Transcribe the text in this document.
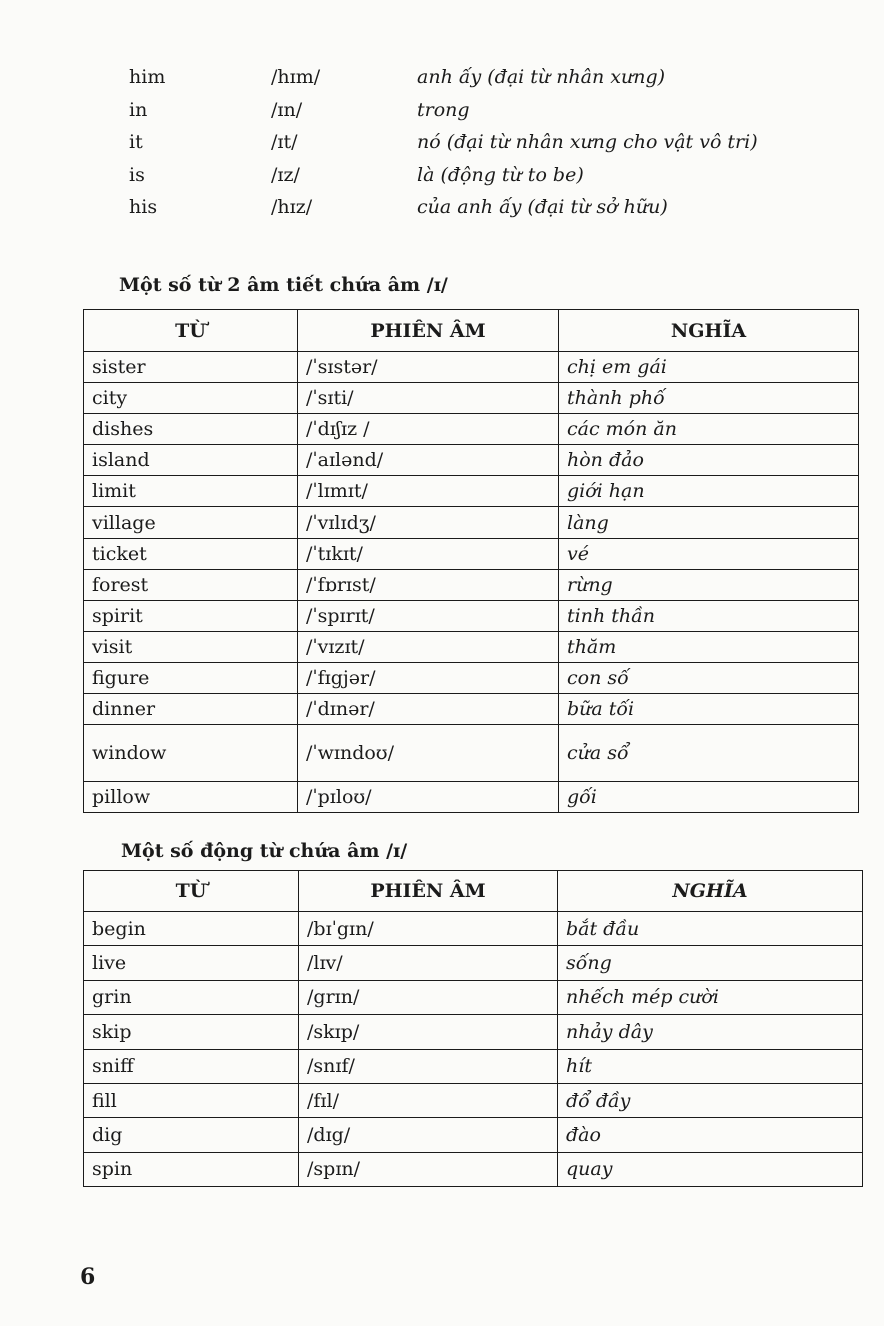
him	/hɪm/	anh ấy (đại từ nhân xưng)
in	/ɪn/	trong
it	/ɪt/	nó (đại từ nhân xưng cho vật vô tri)
is	/ɪz/	là (động từ to be)
his	/hɪz/	của anh ấy (đại từ sở hữu)
Một số từ 2 âm tiết chứa âm /ɪ/
TỪ	PHIÊN ÂM	NGHĨA
sister	/ˈsɪstər/	chị em gái
city	/ˈsɪti/	thành phố
dishes	/ˈdɪʃɪz /	các món ăn
island	/ˈaɪlənd/	hòn đảo
limit	/ˈlɪmɪt/	giới hạn
village	/ˈvɪlɪdʒ/	làng
ticket	/ˈtɪkɪt/	vé
forest	/ˈfɒrɪst/	rừng
spirit	/ˈspɪrɪt/	tinh thần
visit	/ˈvɪzɪt/	thăm
figure	/ˈfɪgjər/	con số
dinner	/ˈdɪnər/	bữa tối
window	/ˈwɪndoʊ/	cửa sổ
pillow	/ˈpɪloʊ/	gối
Một số động từ chứa âm /ɪ/
TỪ	PHIÊN ÂM	NGHĨA
begin	/bɪˈgɪn/	bắt đầu
live	/lɪv/	sống
grin	/grɪn/	nhếch mép cười
skip	/skɪp/	nhảy dây
sniff	/snɪf/	hít
fill	/fɪl/	đổ đầy
dig	/dɪg/	đào
spin	/spɪn/	quay
6
